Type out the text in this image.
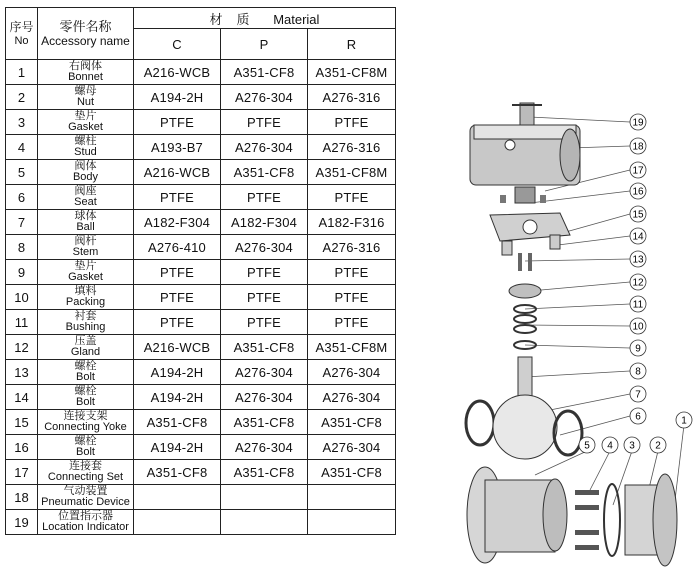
序号
No	零件名称
Accessory name	材质 Material		
		C	P	R
1	右阀体
Bonnet	A216-WCB	A351-CF8	A351-CF8M
2	螺母
Nut	A194-2H	A276-304	A276-316
3	垫片
Gasket	PTFE	PTFE	PTFE
4	螺柱
Stud	A193-B7	A276-304	A276-316
5	阀体
Body	A216-WCB	A351-CF8	A351-CF8M
6	阀座
Seat	PTFE	PTFE	PTFE
7	球体
Ball	A182-F304	A182-F304	A182-F316
8	阀杆
Stem	A276-410	A276-304	A276-316
9	垫片
Gasket	PTFE	PTFE	PTFE
10	填料
Packing	PTFE	PTFE	PTFE
11	衬套
Bushing	PTFE	PTFE	PTFE
12	压盖
Gland	A216-WCB	A351-CF8	A351-CF8M
13	螺栓
Bolt	A194-2H	A276-304	A276-304
14	螺栓
Bolt	A194-2H	A276-304	A276-304
15	连接支架
Connecting Yoke	A351-CF8	A351-CF8	A351-CF8
16	螺栓
Bolt	A194-2H	A276-304	A276-304
17	连接套
Connecting Set	A351-CF8	A351-CF8	A351-CF8
18	气动装置
Pneumatic Device			

19	位置指示器
Location Indicator			

19
18
17
16
15
14
13
12
11
10
9
8
7
6
5 4 3 2
1
